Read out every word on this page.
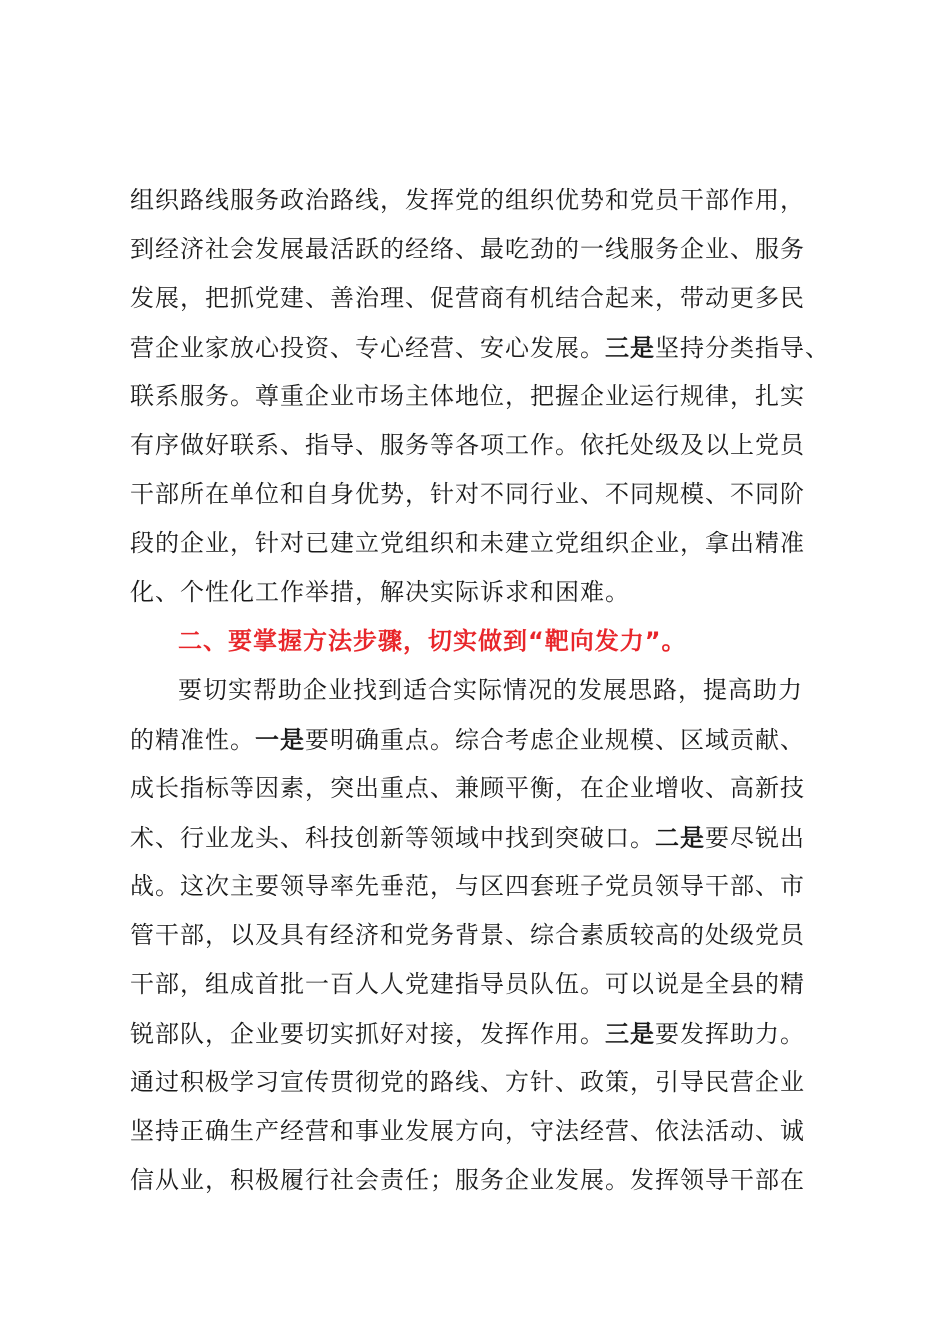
组织路线服务政治路线，发挥党的组织优势和党员干部作用，
到经济社会发展最活跃的经络、最吃劲的一线服务企业、服务
发展，把抓党建、善治理、促营商有机结合起来，带动更多民
营企业家放心投资、专心经营、安心发展。三是坚持分类指导、
联系服务。尊重企业市场主体地位，把握企业运行规律，扎实
有序做好联系、指导、服务等各项工作。依托处级及以上党员
干部所在单位和自身优势，针对不同行业、不同规模、不同阶
段的企业，针对已建立党组织和未建立党组织企业，拿出精准
化、个性化工作举措，解决实际诉求和困难。
二、要掌握方法步骤，切实做到“靶向发力”。
要切实帮助企业找到适合实际情况的发展思路，提高助力
的精准性。一是要明确重点。综合考虑企业规模、区域贡献、
成长指标等因素，突出重点、兼顾平衡，在企业增收、高新技
术、行业龙头、科技创新等领域中找到突破口。二是要尽锐出
战。这次主要领导率先垂范，与区四套班子党员领导干部、市
管干部，以及具有经济和党务背景、综合素质较高的处级党员
干部，组成首批一百人人党建指导员队伍。可以说是全县的精
锐部队，企业要切实抓好对接，发挥作用。三是要发挥助力。
通过积极学习宣传贯彻党的路线、方针、政策，引导民营企业
坚持正确生产经营和事业发展方向，守法经营、依法活动、诚
信从业，积极履行社会责任；服务企业发展。发挥领导干部在
